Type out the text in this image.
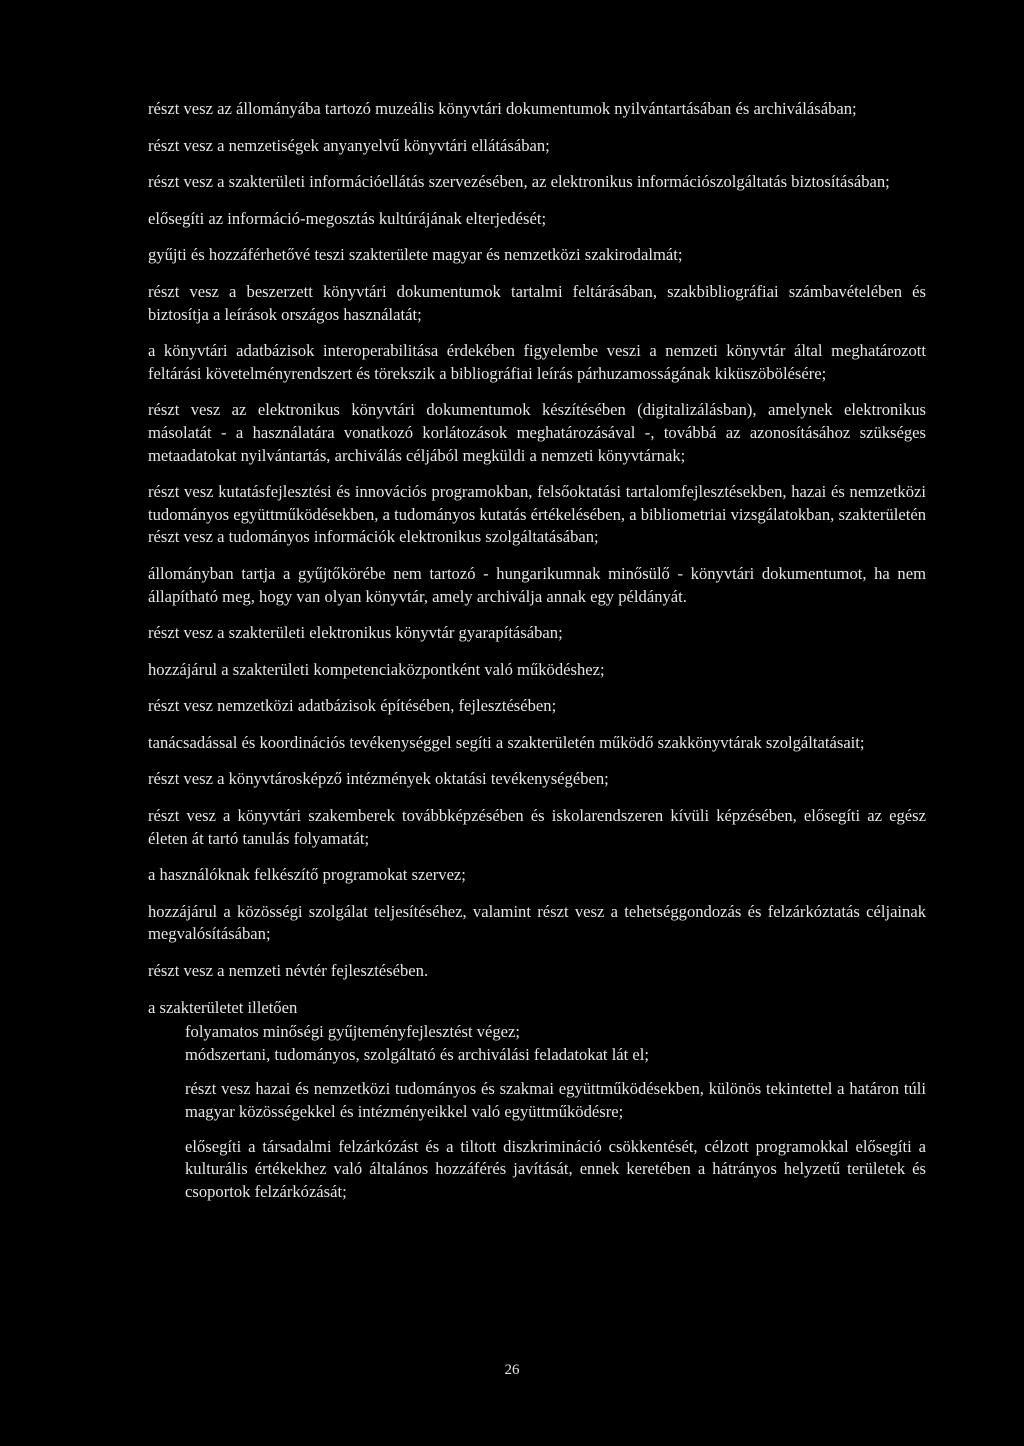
részt vesz az állományába tartozó muzeális könyvtári dokumentumok nyilvántartásában és archiválásában;

részt vesz a nemzetiségek anyanyelvű könyvtári ellátásában;

részt vesz a szakterületi információellátás szervezésében, az elektronikus információszolgáltatás biztosításában;

elősegíti az információ-megosztás kultúrájának elterjedését;

gyűjti és hozzáférhetővé teszi szakterülete magyar és nemzetközi szakirodalmát;

részt vesz a beszerzett könyvtári dokumentumok tartalmi feltárásában, szakbibliográfiai számbavételében és biztosítja a leírások országos használatát;

a könyvtári adatbázisok interoperabilitása érdekében figyelembe veszi a nemzeti könyvtár által meghatározott feltárási követelményrendszert és törekszik a bibliográfiai leírás párhuzamosságának kiküszöbölésére;

részt vesz az elektronikus könyvtári dokumentumok készítésében (digitalizálásban), amelynek elektronikus másolatát - a használatára vonatkozó korlátozások meghatározásával -, továbbá az azonosításához szükséges metaadatokat nyilvántartás, archiválás céljából megküldi a nemzeti könyvtárnak;

részt vesz kutatásfejlesztési és innovációs programokban, felsőoktatási tartalomfejlesztésekben, hazai és nemzetközi tudományos együttműködésekben, a tudományos kutatás értékelésében, a bibliometriai vizsgálatokban, szakterületén részt vesz a tudományos információk elektronikus szolgáltatásában;

állományban tartja a gyűjtőkörébe nem tartozó - hungarikumnak minősülő - könyvtári dokumentumot, ha nem állapítható meg, hogy van olyan könyvtár, amely archiválja annak egy példányát.

részt vesz a szakterületi elektronikus könyvtár gyarapításában;

hozzájárul a szakterületi kompetenciaközpontként való működéshez;

részt vesz nemzetközi adatbázisok építésében, fejlesztésében;

tanácsadással és koordinációs tevékenységgel segíti a szakterületén működő szakkönyvtárak szolgáltatásait;

részt vesz a könyvtárosképző intézmények oktatási tevékenységében;

részt vesz a könyvtári szakemberek továbbképzésében és iskolarendszeren kívüli képzésében, elősegíti az egész életen át tartó tanulás folyamatát;

a használóknak felkészítő programokat szervez;

hozzájárul a közösségi szolgálat teljesítéséhez, valamint részt vesz a tehetséggondozás és felzárkóztatás céljainak megvalósításában;

részt vesz a nemzeti névtér fejlesztésében.

a szakterületet illetően

folyamatos minőségi gyűjteményfejlesztést végez;

módszertani, tudományos, szolgáltató és archiválási feladatokat lát el;

részt vesz hazai és nemzetközi tudományos és szakmai együttműködésekben, különös tekintettel a határon túli magyar közösségekkel és intézményeikkel való együttműködésre;

elősegíti a társadalmi felzárkózást és a tiltott diszkrimináció csökkentését, célzott programokkal elősegíti a kulturális értékekhez való általános hozzáférés javítását, ennek keretében a hátrányos helyzetű területek és csoportok felzárkózását;

26
